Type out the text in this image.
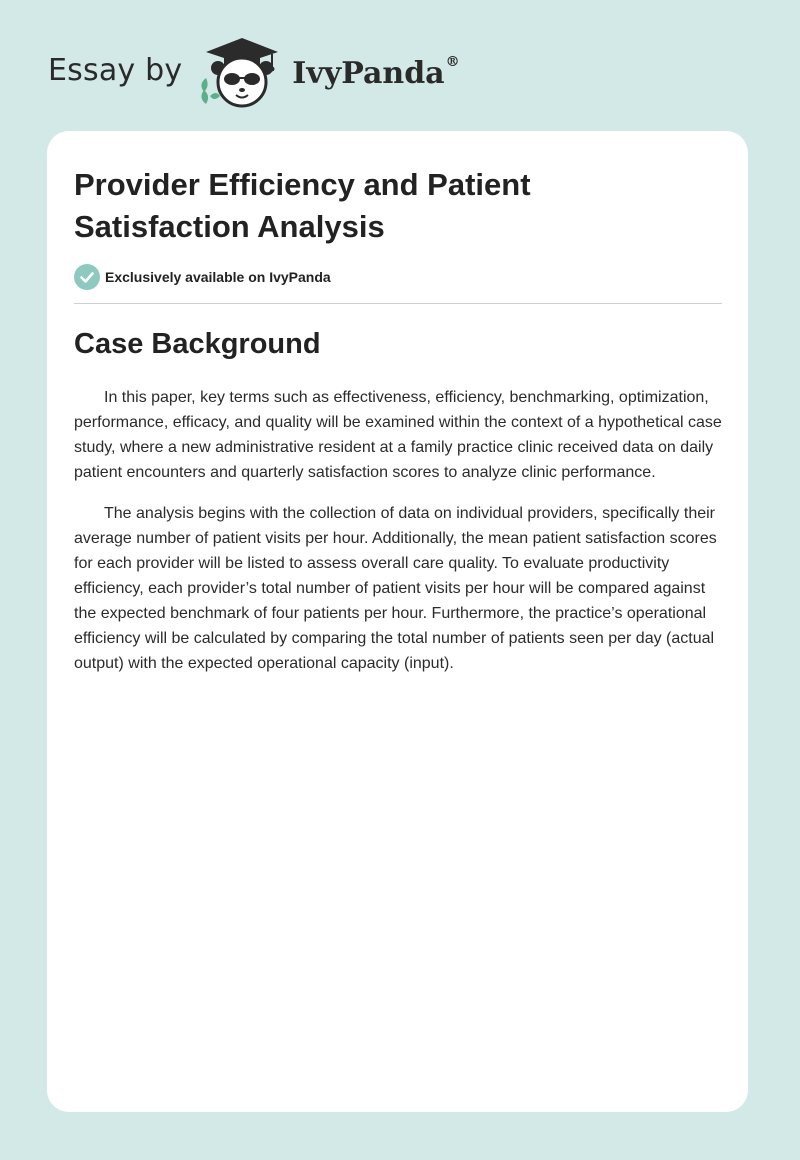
Essay by	IvyPanda®
Provider Efficiency and Patient Satisfaction Analysis
Exclusively available on IvyPanda
Case Background

In this paper, key terms such as effectiveness, efficiency, benchmarking, optimization, performance, efficacy, and quality will be examined within the context of a hypothetical case study, where a new administrative resident at a family practice clinic received data on daily patient encounters and quarterly satisfaction scores to analyze clinic performance.

The analysis begins with the collection of data on individual providers, specifically their average number of patient visits per hour. Additionally, the mean patient satisfaction scores for each provider will be listed to assess overall care quality. To evaluate productivity efficiency, each provider’s total number of patient visits per hour will be compared against the expected benchmark of four patients per hour. Furthermore, the practice’s operational efficiency will be calculated by comparing the total number of patients seen per day (actual output) with the expected operational capacity (input).
